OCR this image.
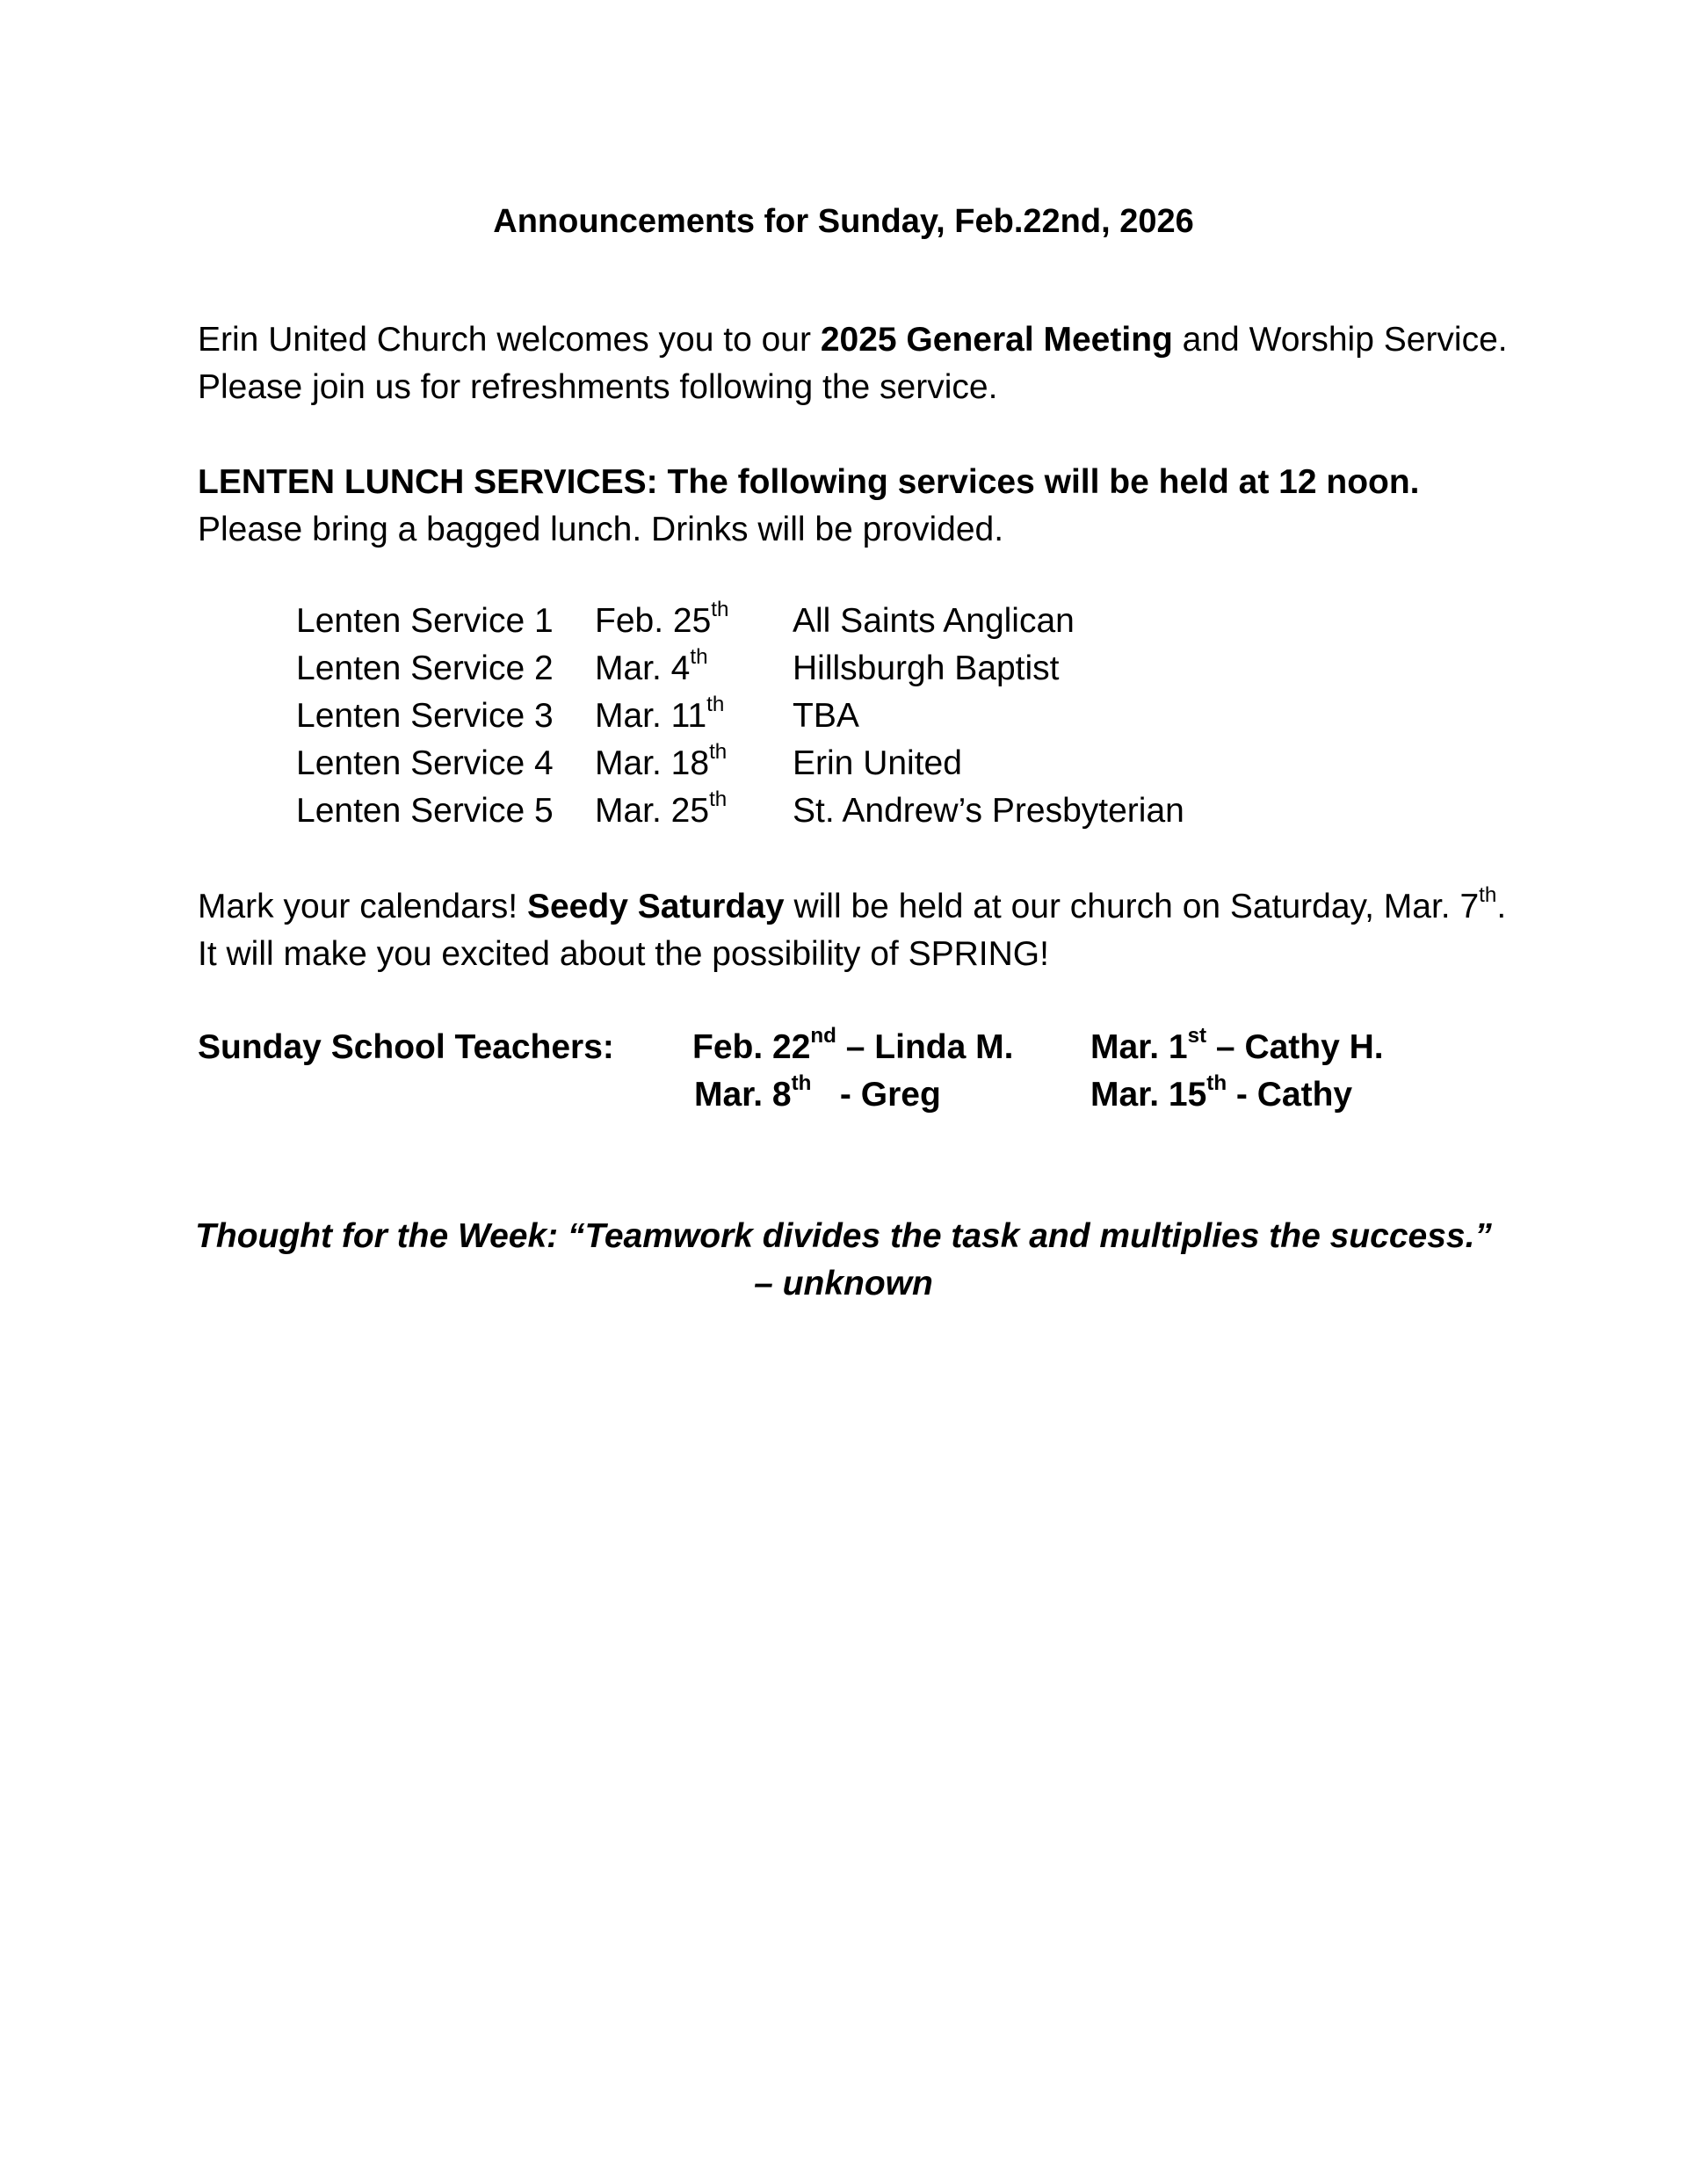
Announcements for Sunday, Feb.22nd, 2026
Erin United Church welcomes you to our 2025 General Meeting and Worship Service. Please join us for refreshments following the service.
LENTEN LUNCH SERVICES: The following services will be held at 12 noon. Please bring a bagged lunch. Drinks will be provided.
Lenten Service 1 Feb. 25th All Saints Anglican
Lenten Service 2 Mar. 4th Hillsburgh Baptist
Lenten Service 3 Mar. 11th TBA
Lenten Service 4 Mar. 18th Erin United
Lenten Service 5 Mar. 25th St. Andrew’s Presbyterian
Mark your calendars! Seedy Saturday will be held at our church on Saturday, Mar. 7th. It will make you excited about the possibility of SPRING!
Sunday School Teachers: Feb. 22nd – Linda M. Mar. 1st – Cathy H.
Mar. 8th   - Greg	Mar. 15th - Cathy
Thought for the Week: “Teamwork divides the task and multiplies the success.”
– unknown
